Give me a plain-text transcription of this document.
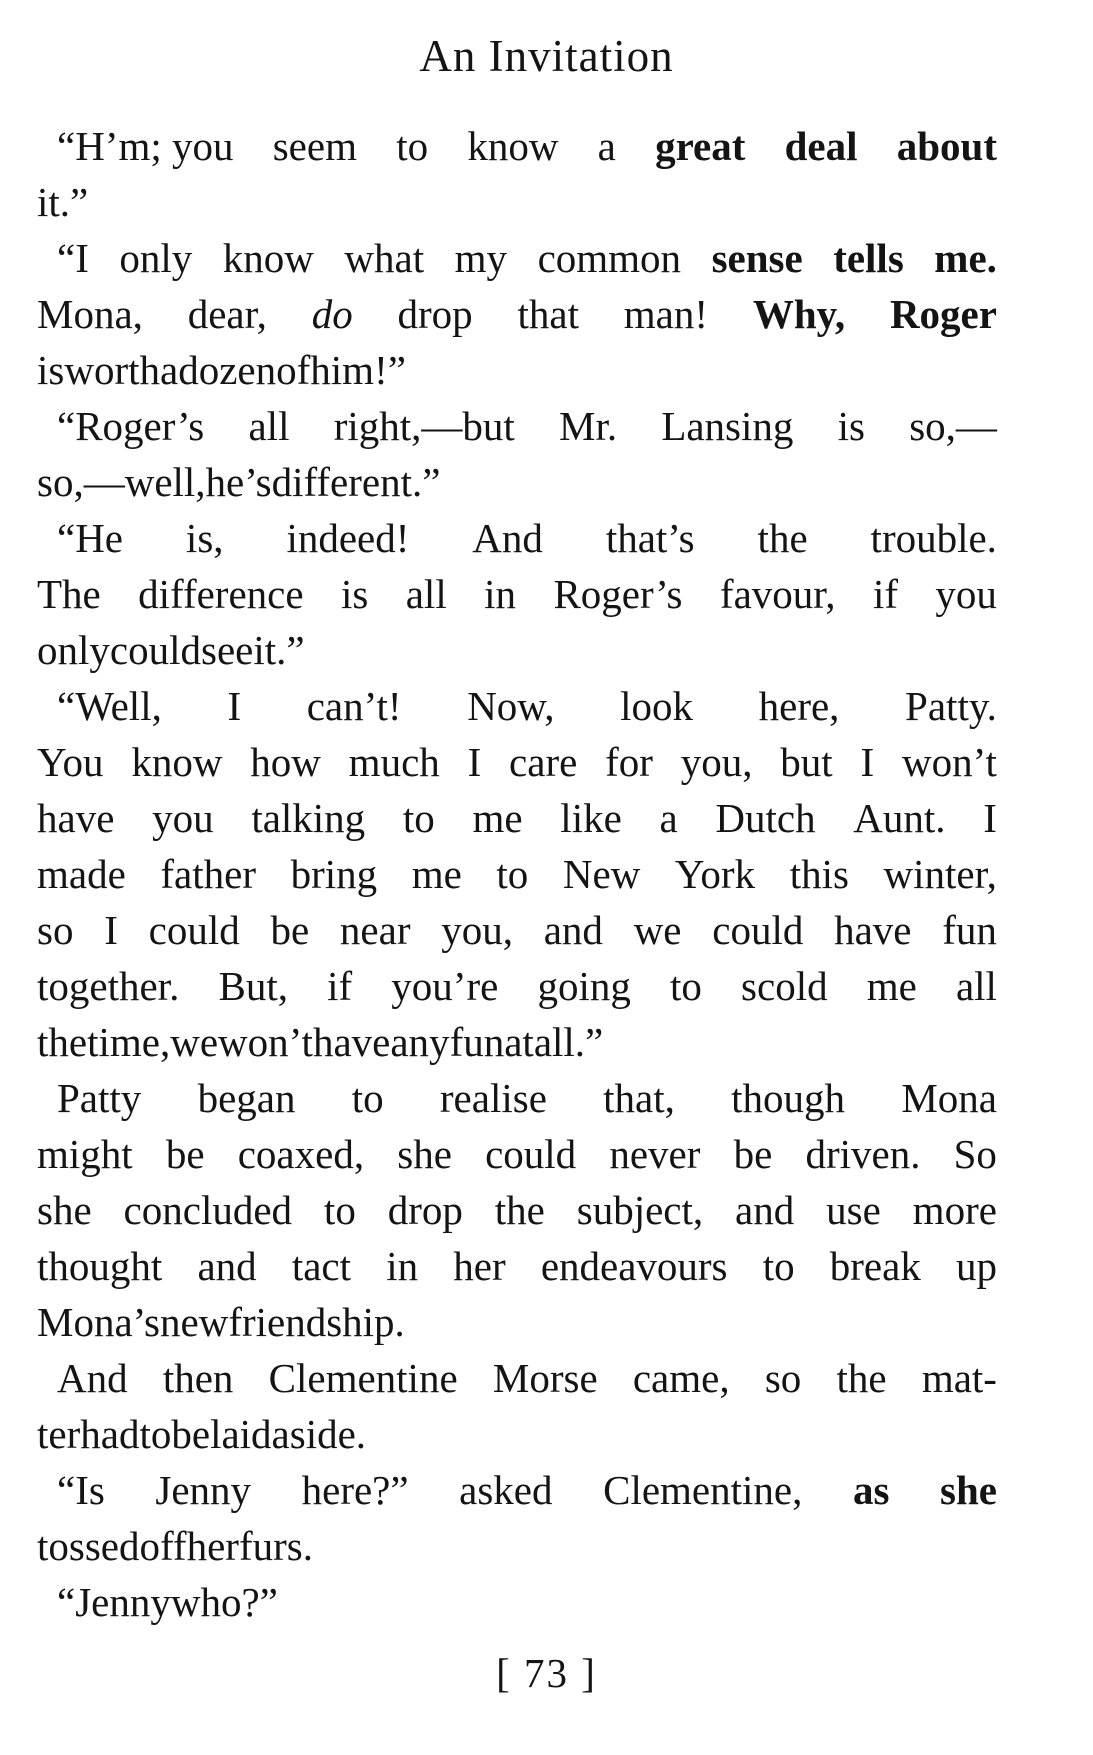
An Invitation
“H’m; you seem to know a great deal about
it.”
“I only know what my common sense tells me.
Mona, dear, do drop that man! Why, Roger
is worth a dozen of him!”
“Roger’s all right,—but Mr. Lansing is so,—
so,—well, he’s different.”
“He is, indeed! And that’s the trouble.
The difference is all in Roger’s favour, if you
only could see it.”
“Well, I can’t! Now, look here, Patty.
You know how much I care for you, but I won’t
have you talking to me like a Dutch Aunt. I
made father bring me to New York this winter,
so I could be near you, and we could have fun
together. But, if you’re going to scold me all
the time, we won’t have any fun at all.”
Patty began to realise that, though Mona
might be coaxed, she could never be driven. So
she concluded to drop the subject, and use more
thought and tact in her endeavours to break up
Mona’s new friendship.
And then Clementine Morse came, so the mat-
ter had to be laid aside.
“Is Jenny here?” asked Clementine, as she
tossed off her furs.
“Jenny who?”
[ 73 ]
